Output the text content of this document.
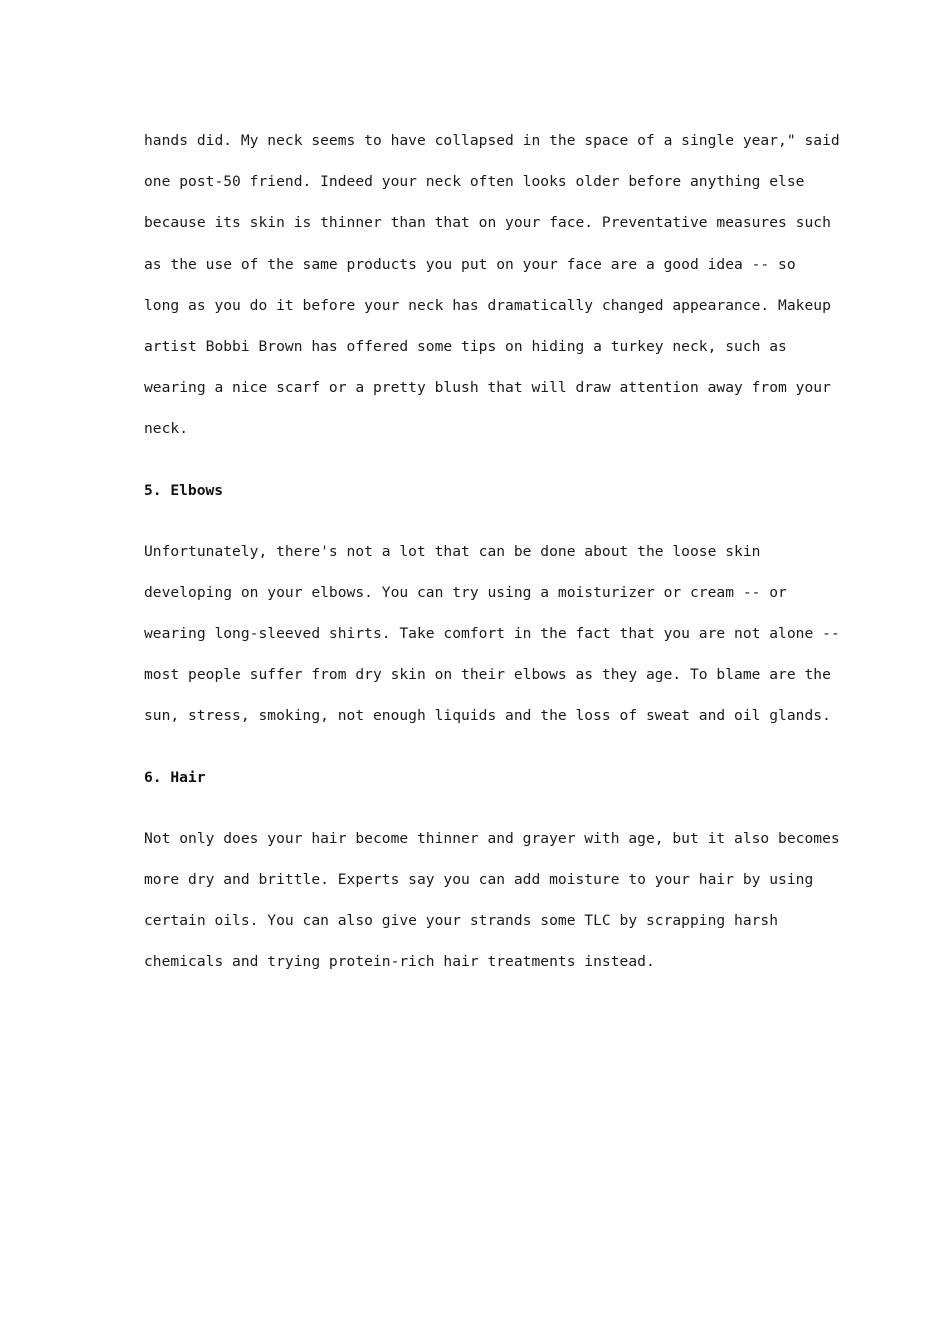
hands did. My neck seems to have collapsed in the space of a single year," said
one post-50 friend. Indeed your neck often looks older before anything else
because its skin is thinner than that on your face. Preventative measures such
as the use of the same products you put on your face are a good idea -- so
long as you do it before your neck has dramatically changed appearance. Makeup
artist Bobbi Brown has offered some tips on hiding a turkey neck, such as
wearing a nice scarf or a pretty blush that will draw attention away from your
neck.
5. Elbows
Unfortunately, there's not a lot that can be done about the loose skin
developing on your elbows. You can try using a moisturizer or cream -- or
wearing long-sleeved shirts. Take comfort in the fact that you are not alone --
most people suffer from dry skin on their elbows as they age. To blame are the
sun, stress, smoking, not enough liquids and the loss of sweat and oil glands.
6. Hair
Not only does your hair become thinner and grayer with age, but it also becomes
more dry and brittle. Experts say you can add moisture to your hair by using
certain oils. You can also give your strands some TLC by scrapping harsh
chemicals and trying protein-rich hair treatments instead.
